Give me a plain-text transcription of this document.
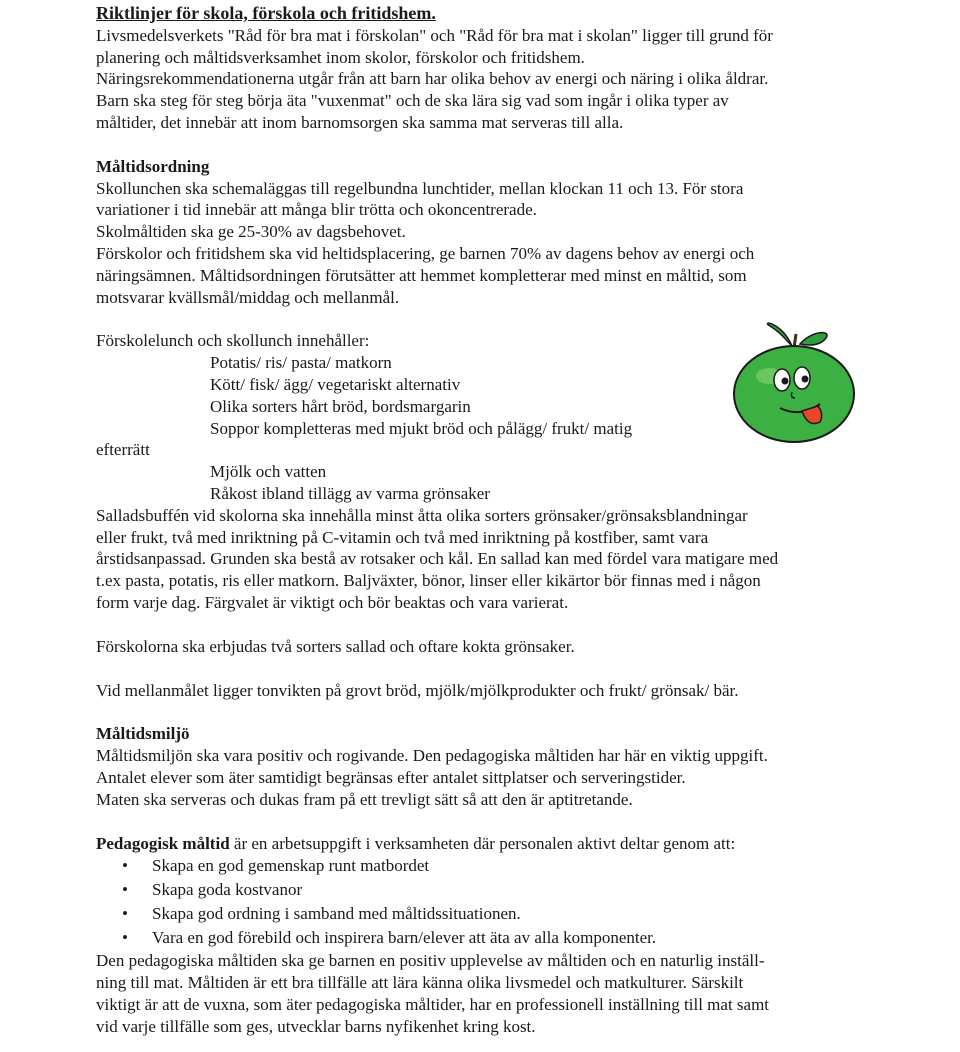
Riktlinjer för skola, förskola och fritidshem.

Livsmedelsverkets "Råd för bra mat i förskolan" och "Råd för bra mat i skolan" ligger till grund för

planering och måltidsverksamhet inom skolor, förskolor och fritidshem.

Näringsrekommendationerna utgår från att barn har olika behov av energi och näring i olika åldrar.

Barn ska steg för steg börja äta "vuxenmat" och de ska lära sig vad som ingår i olika typer av

måltider, det innebär att inom barnomsorgen ska samma mat serveras till alla.

Måltidsordning

Skollunchen ska schemaläggas till regelbundna lunchtider, mellan klockan 11 och 13. För stora

variationer i tid innebär att många blir trötta och okoncentrerade.

Skolmåltiden ska ge 25-30% av dagsbehovet.

Förskolor och fritidshem ska vid heltidsplacering, ge barnen 70% av dagens behov av energi och

näringsämnen. Måltidsordningen förutsätter att hemmet kompletterar med minst en måltid, som

motsvarar kvällsmål/middag och mellanmål.

Förskolelunch och skollunch innehåller:

Potatis/ ris/ pasta/ matkorn
Kött/ fisk/ ägg/ vegetariskt alternativ
Olika sorters hårt bröd, bordsmargarin
Soppor kompletteras med mjukt bröd och pålägg/ frukt/ matig
efterrätt
Mjölk och vatten
Råkost ibland tillägg av varma grönsaker

Salladsbuffén vid skolorna ska innehålla minst åtta olika sorters grönsaker/grönsaksblandningar

eller frukt, två med inriktning på C-vitamin och två med inriktning på kostfiber, samt vara

årstidsanpassad. Grunden ska bestå av rotsaker och kål. En sallad kan med fördel vara matigare med

t.ex pasta, potatis, ris eller matkorn. Baljväxter, bönor, linser eller kikärtor bör finnas med i någon

form varje dag. Färgvalet är viktigt och bör beaktas och vara varierat.

Förskolorna ska erbjudas två sorters sallad och oftare kokta grönsaker.

Vid mellanmålet ligger tonvikten på grovt bröd, mjölk/mjölkprodukter och frukt/ grönsak/ bär.

Måltidsmiljö

Måltidsmiljön ska vara positiv och rogivande. Den pedagogiska måltiden har här en viktig uppgift.

Antalet elever som äter samtidigt begränsas efter antalet sittplatser och serveringstider.

Maten ska serveras och dukas fram på ett trevligt sätt så att den är aptitretande.

Pedagogisk måltid är en arbetsuppgift i verksamheten där personalen aktivt deltar genom att:

• Skapa en god gemenskap runt matbordet
• Skapa goda kostvanor
• Skapa god ordning i samband med måltidssituationen.
• Vara en god förebild och inspirera barn/elever att äta av alla komponenter.

Den pedagogiska måltiden ska ge barnen en positiv upplevelse av måltiden och en naturlig inställ-

ning till mat. Måltiden är ett bra tillfälle att lära känna olika livsmedel och matkulturer. Särskilt

viktigt är att de vuxna, som äter pedagogiska måltider, har en professionell inställning till mat samt

vid varje tillfälle som ges, utvecklar barns nyfikenhet kring kost.
